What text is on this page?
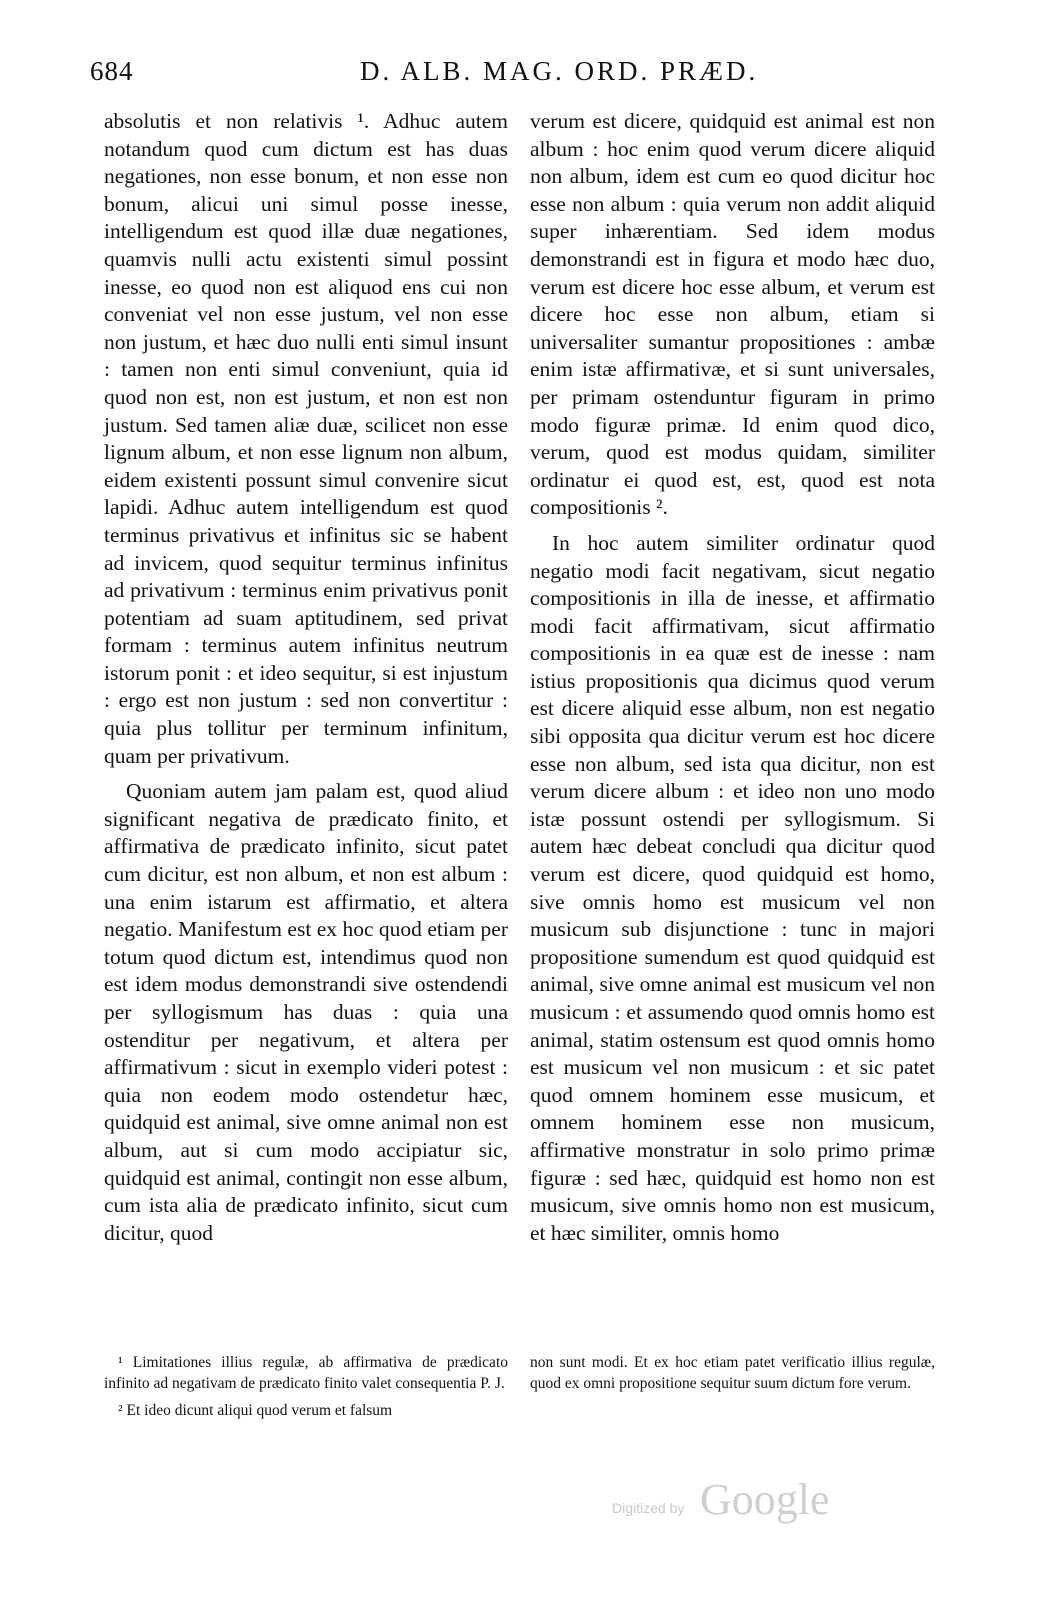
684	D. ALB. MAG. ORD. PRÆD.

absolutis et non relativis ¹. Adhuc autem notandum quod cum dictum est has duas negationes, non esse bonum, et non esse non bonum, alicui uni simul posse inesse, intelligendum est quod illæ duæ negationes, quamvis nulli actu existenti simul possint inesse, eo quod non est aliquod ens cui non conveniat vel non esse justum, vel non esse non justum, et hæc duo nulli enti simul insunt : tamen non enti simul conveniunt, quia id quod non est, non est justum, et non est non justum. Sed tamen aliæ duæ, scilicet non esse lignum album, et non esse lignum non album, eidem existenti possunt simul convenire sicut lapidi. Adhuc autem intelligendum est quod terminus privativus et infinitus sic se habent ad invicem, quod sequitur terminus infinitus ad privativum : terminus enim privativus ponit potentiam ad suam aptitudinem, sed privat formam : terminus autem infinitus neutrum istorum ponit : et ideo sequitur, si est injustum : ergo est non justum : sed non convertitur : quia plus tollitur per terminum infinitum, quam per privativum.

Quoniam autem jam palam est, quod aliud significant negativa de prædicato finito, et affirmativa de prædicato infinito, sicut patet cum dicitur, est non album, et non est album : una enim istarum est affirmatio, et altera negatio. Manifestum est ex hoc quod etiam per totum quod dictum est, intendimus quod non est idem modus demonstrandi sive ostendendi per syllogismum has duas : quia una ostenditur per negativum, et altera per affirmativum : sicut in exemplo videri potest : quia non eodem modo ostendetur hæc, quidquid est animal, sive omne animal non est album, aut si cum modo accipiatur sic, quidquid est animal, contingit non esse album, cum ista alia de prædicato infinito, sicut cum dicitur, quod

verum est dicere, quidquid est animal est non album : hoc enim quod verum dicere aliquid non album, idem est cum eo quod dicitur hoc esse non album : quia verum non addit aliquid super inhærentiam. Sed idem modus demonstrandi est in figura et modo hæc duo, verum est dicere hoc esse album, et verum est dicere hoc esse non album, etiam si universaliter sumantur propositiones : ambæ enim istæ affirmativæ, et si sunt universales, per primam ostenduntur figuram in primo modo figuræ primæ. Id enim quod dico, verum, quod est modus quidam, similiter ordinatur ei quod est, est, quod est nota compositionis ².

In hoc autem similiter ordinatur quod negatio modi facit negativam, sicut negatio compositionis in illa de inesse, et affirmatio modi facit affirmativam, sicut affirmatio compositionis in ea quæ est de inesse : nam istius propositionis qua dicimus quod verum est dicere aliquid esse album, non est negatio sibi opposita qua dicitur verum est hoc dicere esse non album, sed ista qua dicitur, non est verum dicere album : et ideo non uno modo istæ possunt ostendi per syllogismum. Si autem hæc debeat concludi qua dicitur quod verum est dicere, quod quidquid est homo, sive omnis homo est musicum vel non musicum sub disjunctione : tunc in majori propositione sumendum est quod quidquid est animal, sive omne animal est musicum vel non musicum : et assumendo quod omnis homo est animal, statim ostensum est quod omnis homo est musicum vel non musicum : et sic patet quod omnem hominem esse musicum, et omnem hominem esse non musicum, affirmative monstratur in solo primo primæ figuræ : sed hæc, quidquid est homo non est musicum, sive omnis homo non est musicum, et hæc similiter, omnis homo

¹ Limitationes illius regulæ, ab affirmativa de prædicato infinito ad negativam de prædicato finito valet consequentia P. J.

² Et ideo dicunt aliqui quod verum et falsum

non sunt modi. Et ex hoc etiam patet verificatio illius regulæ, quod ex omni propositione sequitur suum dictum fore verum.

Digitized by Google
